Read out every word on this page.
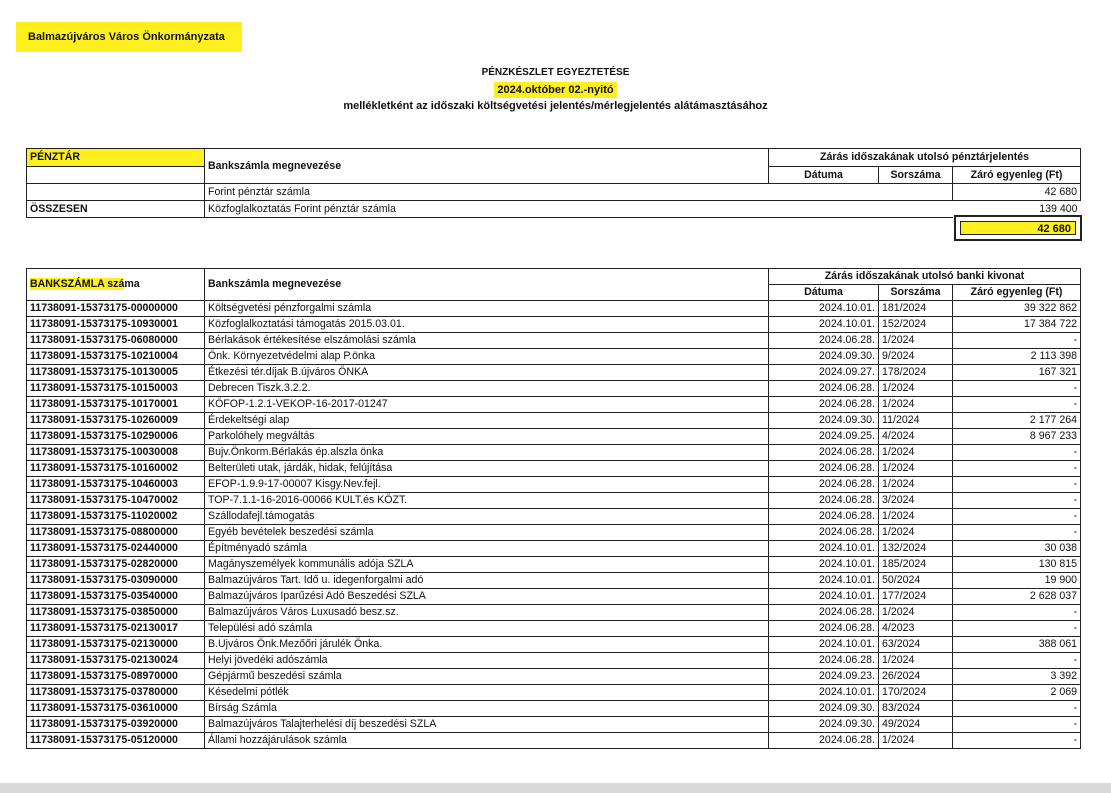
Balmazújváros Város Önkormányzata
PÉNZKÉSZLET EGYEZTETÉSE
2024.október 02.-nyitó
mellékletként az időszaki költségvetési jelentés/mérlegjelentés alátámasztásához
PÉNZTÁR	Bankszámla megnevezése	Zárás időszakának utolsó pénztárjelentés		
		Dátuma	Sorszáma	Záró egyenleg (Ft)
	Forint pénztár számla			42 680
ÖSSZESEN	Közfoglalkoztatás Forint pénztár számla			139 400
42 680
BANKSZÁMLA száma	Bankszámla megnevezése	Zárás időszakának utolsó banki kivonat		
		Dátuma	Sorszáma	Záró egyenleg (Ft)
11738091-15373175-00000000	Költségvetési pénzforgalmi számla	2024.10.01.	181/2024	39 322 862
11738091-15373175-10930001	Közfoglalkoztatási támogatás 2015.03.01.	2024.10.01.	152/2024	17 384 722
11738091-15373175-06080000	Bérlakások értékesítése elszámolási számla	2024.06.28.	1/2024	-
11738091-15373175-10210004	Önk. Környezetvédelmi alap P.önka	2024.09.30.	9/2024	2 113 398
11738091-15373175-10130005	Étkezési tér.díjak B.újváros ÖNKA	2024.09.27.	178/2024	167 321
11738091-15373175-10150003	Debrecen Tiszk.3.2.2.	2024.06.28.	1/2024	-
11738091-15373175-10170001	KÖFOP-1.2.1-VEKOP-16-2017-01247	2024.06.28.	1/2024	-
11738091-15373175-10260009	Érdekeltségi alap	2024.09.30.	11/2024	2 177 264
11738091-15373175-10290006	Parkolóhely megváltás	2024.09.25.	4/2024	8 967 233
11738091-15373175-10030008	Bujv.Önkorm.Bérlakás ép.alszla önka	2024.06.28.	1/2024	-
11738091-15373175-10160002	Belterületi utak, járdák, hidak, felújítása	2024.06.28.	1/2024	-
11738091-15373175-10460003	EFOP-1.9.9-17-00007 Kisgy.Nev.fejl.	2024.06.28.	1/2024	-
11738091-15373175-10470002	TOP-7.1.1-16-2016-00066 KULT.és KÖZT.	2024.06.28.	3/2024	-
11738091-15373175-11020002	Szállodafejl.támogatás	2024.06.28.	1/2024	-
11738091-15373175-08800000	Egyéb bevételek beszedési számla	2024.06.28.	1/2024	-
11738091-15373175-02440000	Építményadó számla	2024.10.01.	132/2024	30 038
11738091-15373175-02820000	Magányszemélyek kommunális adója SZLA	2024.10.01.	185/2024	130 815
11738091-15373175-03090000	Balmazújváros Tart. Idő u. idegenforgalmi adó	2024.10.01.	50/2024	19 900
11738091-15373175-03540000	Balmazújváros Iparűzési Adó Beszedési SZLA	2024.10.01.	177/2024	2 628 037
11738091-15373175-03850000	Balmazújváros Város Luxusadó besz.sz.	2024.06.28.	1/2024	-
11738091-15373175-02130017	Települési adó számla	2024.06.28.	4/2023	-
11738091-15373175-02130000	B.Ujváros Önk.Mezőőri járulék Önka.	2024.10.01.	63/2024	388 061
11738091-15373175-02130024	Helyi jövedéki adószámla	2024.06.28.	1/2024	-
11738091-15373175-08970000	Gépjármű beszedési számla	2024.09.23.	26/2024	3 392
11738091-15373175-03780000	Késedelmi pótlék	2024.10.01.	170/2024	2 069
11738091-15373175-03610000	Bírság Számla	2024.09.30.	83/2024	-
11738091-15373175-03920000	Balmazújváros Talajterhelési díj beszedési SZLA	2024.09.30.	49/2024	-
11738091-15373175-05120000	Állami hozzájárulások számla	2024.06.28.	1/2024	-
